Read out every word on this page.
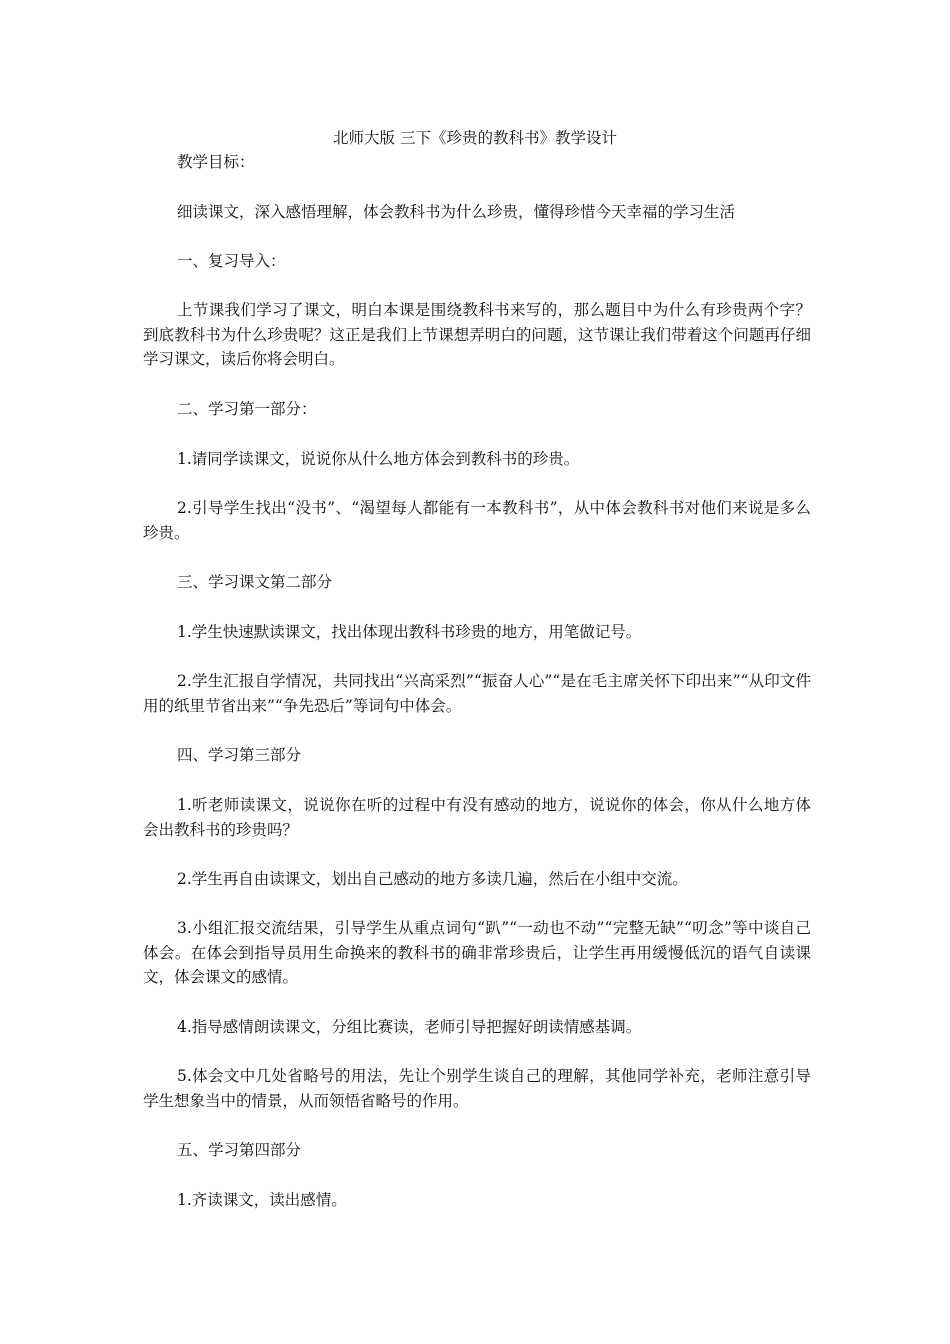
北师大版 三下《珍贵的教科书》教学设计

教学目标：

细读课文，深入感悟理解，体会教科书为什么珍贵，懂得珍惜今天幸福的学习生活

一、复习导入：

上节课我们学习了课文，明白本课是围绕教科书来写的，那么题目中为什么有珍贵两个字？到底教科书为什么珍贵呢？这正是我们上节课想弄明白的问题，这节课让我们带着这个问题再仔细学习课文，读后你将会明白。

二、学习第一部分：

1.请同学读课文，说说你从什么地方体会到教科书的珍贵。

2.引导学生找出“没书”、“渴望每人都能有一本教科书”，从中体会教科书对他们来说是多么珍贵。

三、学习课文第二部分

1.学生快速默读课文，找出体现出教科书珍贵的地方，用笔做记号。

2.学生汇报自学情况，共同找出“兴高采烈”“振奋人心”“是在毛主席关怀下印出来”“从印文件用的纸里节省出来”“争先恐后”等词句中体会。

四、学习第三部分

1.听老师读课文，说说你在听的过程中有没有感动的地方，说说你的体会，你从什么地方体会出教科书的珍贵吗？

2.学生再自由读课文，划出自己感动的地方多读几遍，然后在小组中交流。

3.小组汇报交流结果，引导学生从重点词句“趴”“一动也不动”“完整无缺”“叨念”等中谈自己体会。在体会到指导员用生命换来的教科书的确非常珍贵后，让学生再用缓慢低沉的语气自读课文，体会课文的感情。

4.指导感情朗读课文，分组比赛读，老师引导把握好朗读情感基调。

5.体会文中几处省略号的用法，先让个别学生谈自己的理解，其他同学补充，老师注意引导学生想象当中的情景，从而领悟省略号的作用。

五、学习第四部分

1.齐读课文，读出感情。
